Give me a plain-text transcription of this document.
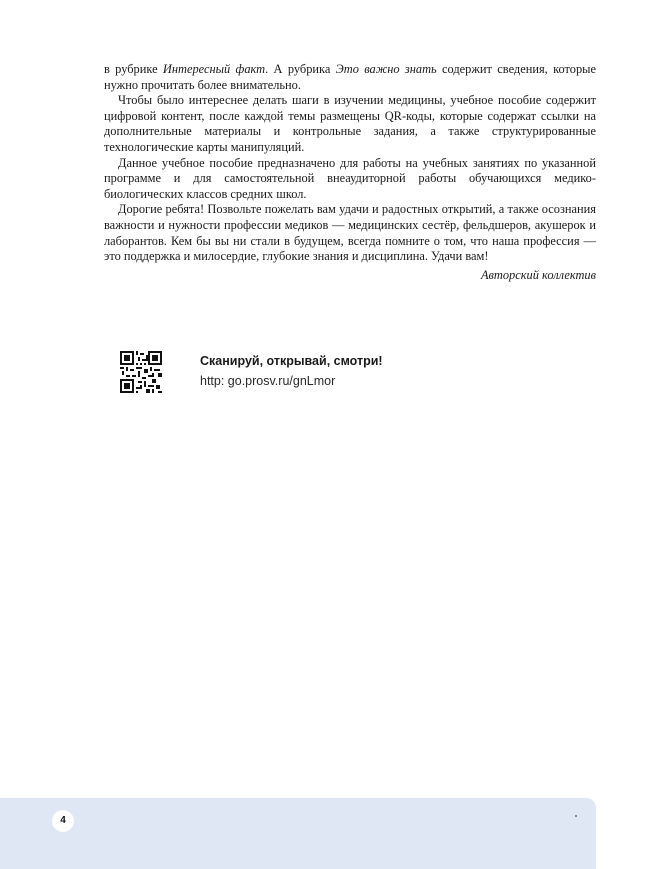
в рубрике Интересный факт. А рубрика Это важно знать содержит сведения, которые нужно прочитать более внимательно.

Чтобы было интереснее делать шаги в изучении медицины, учебное пособие содержит цифровой контент, после каждой темы размещены QR-коды, которые содержат ссылки на дополнительные материалы и контрольные задания, а также структурированные технологические карты манипуляций.

Данное учебное пособие предназначено для работы на учебных занятиях по указанной программе и для самостоятельной внеаудиторной работы обучающихся медико-биологических классов средних школ.

Дорогие ребята! Позвольте пожелать вам удачи и радостных открытий, а также осознания важности и нужности профессии медиков — медицинских сестёр, фельдшеров, акушерок и лаборантов. Кем бы вы ни стали в будущем, всегда помните о том, что наша профессия — это поддержка и милосердие, глубокие знания и дисциплина. Удачи вам!

Авторский коллектив

Сканируй, открывай, смотри!
http: go.prosv.ru/gnLmor
4
